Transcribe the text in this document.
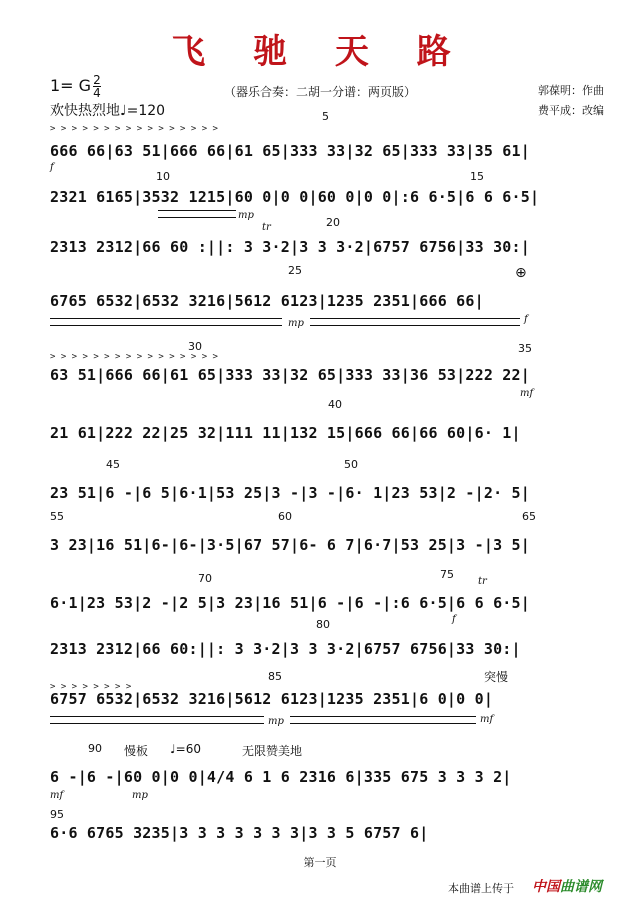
飞 驰 天 路
1= G $\frac{2}{4}$
欢快热烈地♩=120
（器乐合奏：二胡一分谱：两页版）	郭葆明：作曲
费平成：改编
> > > > > > > > > > > > > > > >
> > > > > > > > > > > > > > > >
> > > > > > > >
666 66|63 51|666 66|61 65|333 33|32 65|333 33|35 61|
2321 6165|3532 1215|60 0|0 0|60 0|0 0|:6 6·5|6 6 6·5|
2313 2312|66 60 :||: 3 3·2|3 3 3·2|6757 6756|33 30:|
6765 6532|6532 3216|5612 6123|1235 2351|666 66|
63 51|666 66|61 65|333 33|32 65|333 33|36 53|222 22|
21 61|222 22|25 32|111 11|132 15|666 66|66 60|6· 1|
23 51|6 -|6 5|6·1|53 25|3 -|3 -|6· 1|23 53|2 -|2· 5|
3 23|16 51|6-|6-|3·5|67 57|6- 6 7|6·7|53 25|3 -|3 5|
6·1|23 53|2 -|2 5|3 23|16 51|6 -|6 -|:6 6·5|6 6 6·5|
2313 2312|66 60:||: 3 3·2|3 3 3·2|6757 6756|33 30:|
6757 6532|6532 3216|5612 6123|1235 2351|6 0|0 0|
6 -|6 -|60 0|0 0|4/4 6 1 6 2316 6|335 675 3 3 3 2|
6·6 6765 3235|3 3 3 3 3 3 3|3 3 5 6757 6|
5
10	15
20
25
30	35
40
45	50
55	60	65
70	75
80
85
90
95
f
mp
mp	f
mf
f
mp	mf
mf	mp
tr
tr
⊕
突慢
慢板 ♩=60	无限赞美地
第一页
本曲谱上传于 中国曲谱网
